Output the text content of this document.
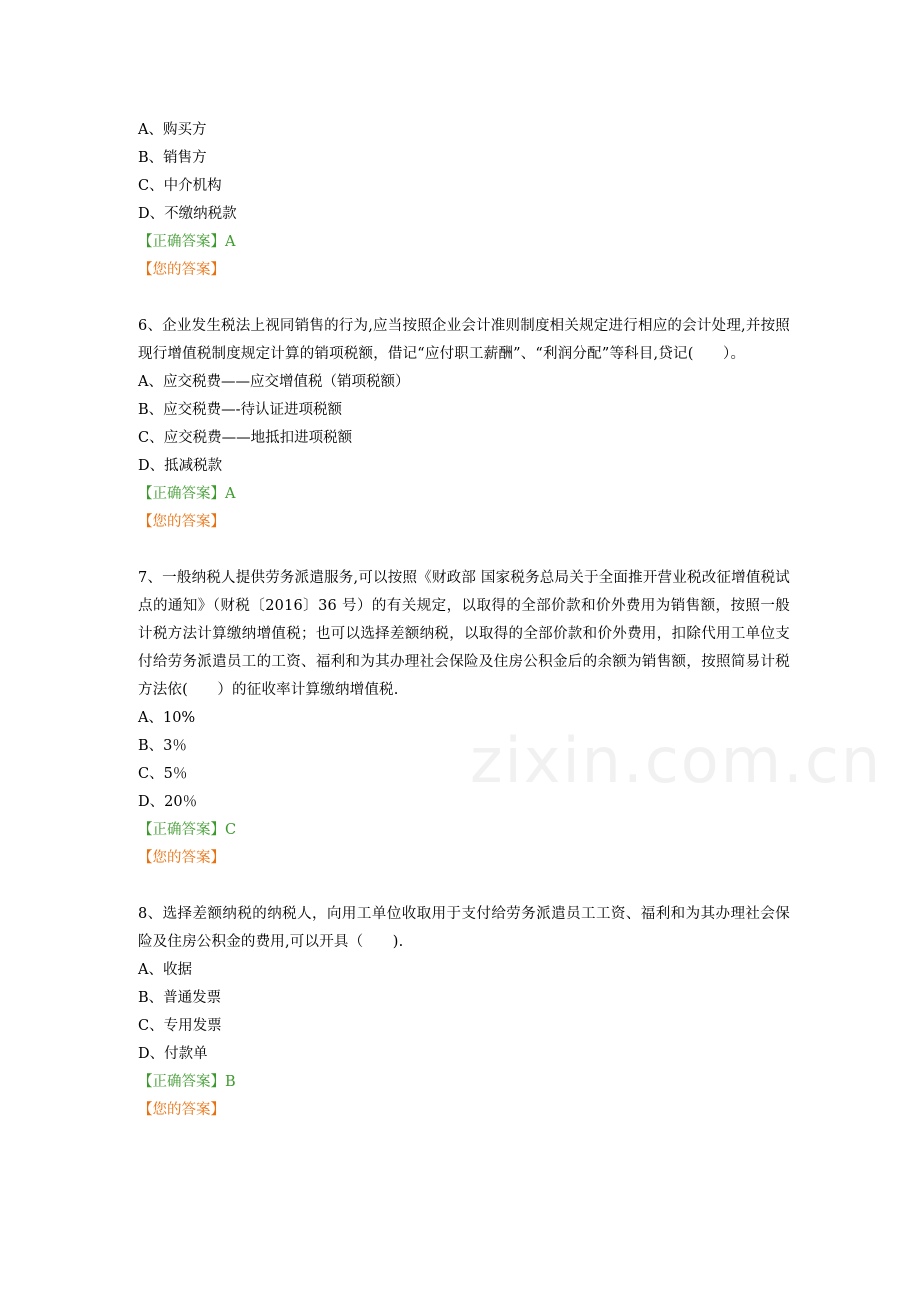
zixin.com.cn
A、购买方
B、销售方
C、中介机构
D、不缴纳税款
【正确答案】A
【您的答案】
6、企业发生税法上视同销售的行为,应当按照企业会计准则制度相关规定进行相应的会计处理,并按照现行增值税制度规定计算的销项税额，借记“应付职工薪酬”、“利润分配”等科目,贷记(　　）。
A、应交税费——应交增值税（销项税额）
B、应交税费—-待认证进项税额
C、应交税费——地抵扣进项税额
D、抵减税款
【正确答案】A
【您的答案】
7、一般纳税人提供劳务派遣服务,可以按照《财政部 国家税务总局关于全面推开营业税改征增值税试点的通知》（财税〔2016〕36 号）的有关规定，以取得的全部价款和价外费用为销售额，按照一般计税方法计算缴纳增值税；也可以选择差额纳税，以取得的全部价款和价外费用，扣除代用工单位支付给劳务派遣员工的工资、福利和为其办理社会保险及住房公积金后的余额为销售额，按照简易计税方法依(　　）的征收率计算缴纳增值税.
A、10%
B、3％
C、5％
D、20％
【正确答案】C
【您的答案】
8、选择差额纳税的纳税人，向用工单位收取用于支付给劳务派遣员工工资、福利和为其办理社会保险及住房公积金的费用,可以开具（　　).
A、收据
B、普通发票
C、专用发票
D、付款单
【正确答案】B
【您的答案】
